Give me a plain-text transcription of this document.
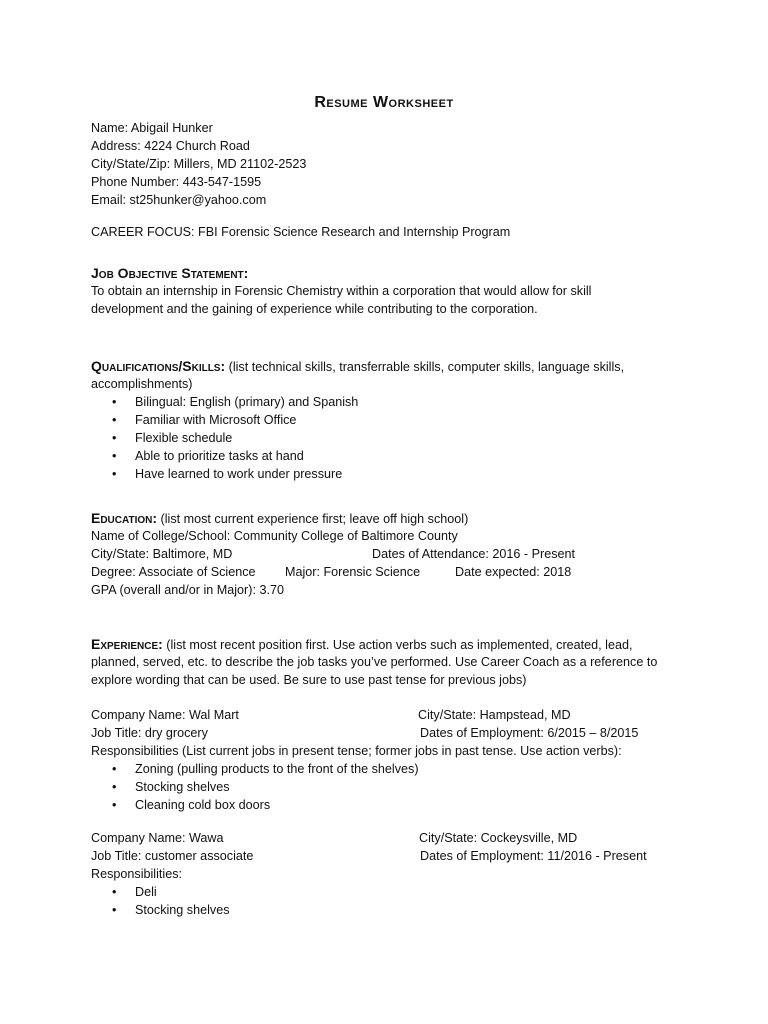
Resume Worksheet
Name: Abigail Hunker
Address: 4224 Church Road
City/State/Zip: Millers, MD 21102-2523
Phone Number: 443-547-1595
Email: st25hunker@yahoo.com
CAREER FOCUS: FBI Forensic Science Research and Internship Program
Job Objective Statement:
To obtain an internship in Forensic Chemistry within a corporation that would allow for skill
development and the gaining of experience while contributing to the corporation.
Qualifications/Skills: (list technical skills, transferrable skills, computer skills, language skills,
accomplishments)
• Bilingual: English (primary) and Spanish
• Familiar with Microsoft Office
• Flexible schedule
• Able to prioritize tasks at hand
• Have learned to work under pressure
Education: (list most current experience first; leave off high school)
Name of College/School: Community College of Baltimore County
City/State: Baltimore, MD	Dates of Attendance: 2016 - Present
Degree: Associate of Science Major: Forensic Science	Date expected: 2018
GPA (overall and/or in Major): 3.70
Experience: (list most recent position first. Use action verbs such as implemented, created, lead,
planned, served, etc. to describe the job tasks you’ve performed. Use Career Coach as a reference to
explore wording that can be used. Be sure to use past tense for previous jobs)
Company Name: Wal Mart	City/State: Hampstead, MD
Job Title: dry grocery	Dates of Employment: 6/2015 – 8/2015
Responsibilities (List current jobs in present tense; former jobs in past tense. Use action verbs):
• Zoning (pulling products to the front of the shelves)
• Stocking shelves
• Cleaning cold box doors
Company Name: Wawa	City/State: Cockeysville, MD
Job Title: customer associate	Dates of Employment: 11/2016 - Present
Responsibilities:
• Deli
• Stocking shelves
